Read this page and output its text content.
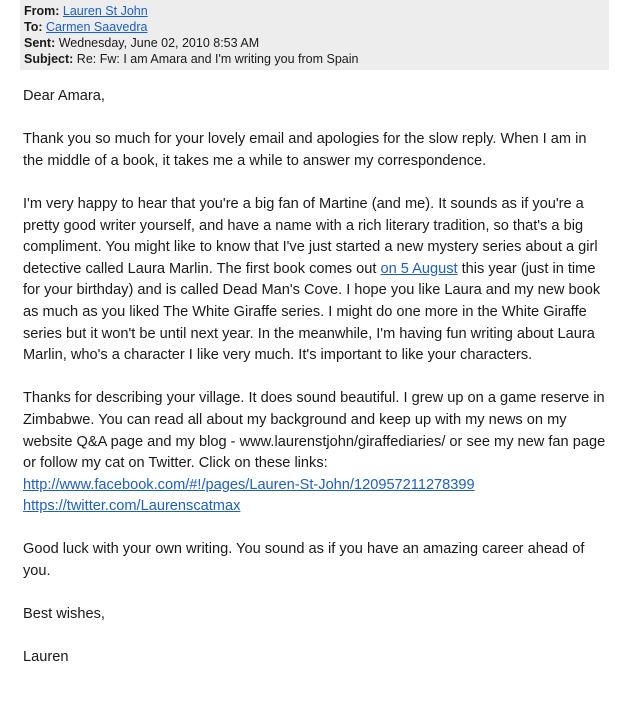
From: Lauren St John
To: Carmen Saavedra
Sent: Wednesday, June 02, 2010 8:53 AM
Subject: Re: Fw: I am Amara and I'm writing you from Spain

Dear Amara,

Thank you so much for your lovely email and apologies for the slow reply. When I am in the middle of a book, it takes me a while to answer my correspondence.

I'm very happy to hear that you're a big fan of Martine (and me). It sounds as if you're a pretty good writer yourself, and have a name with a rich literary tradition, so that's a big compliment. You might like to know that I've just started a new mystery series about a girl detective called Laura Marlin. The first book comes out on 5 August this year (just in time for your birthday) and is called Dead Man's Cove. I hope you like Laura and my new book as much as you liked The White Giraffe series. I might do one more in the White Giraffe series but it won't be until next year. In the meanwhile, I'm having fun writing about Laura Marlin, who's a character I like very much. It's important to like your characters.

Thanks for describing your village. It does sound beautiful. I grew up on a game reserve in Zimbabwe. You can read all about my background and keep up with my news on my website Q&A page and my blog - www.laurenstjohn/giraffediaries/ or see my new fan page or follow my cat on Twitter. Click on these links:
http://www.facebook.com/#!/pages/Lauren-St-John/120957211278399
https://twitter.com/Laurenscatmax

Good luck with your own writing. You sound as if you have an amazing career ahead of you.

Best wishes,

Lauren
